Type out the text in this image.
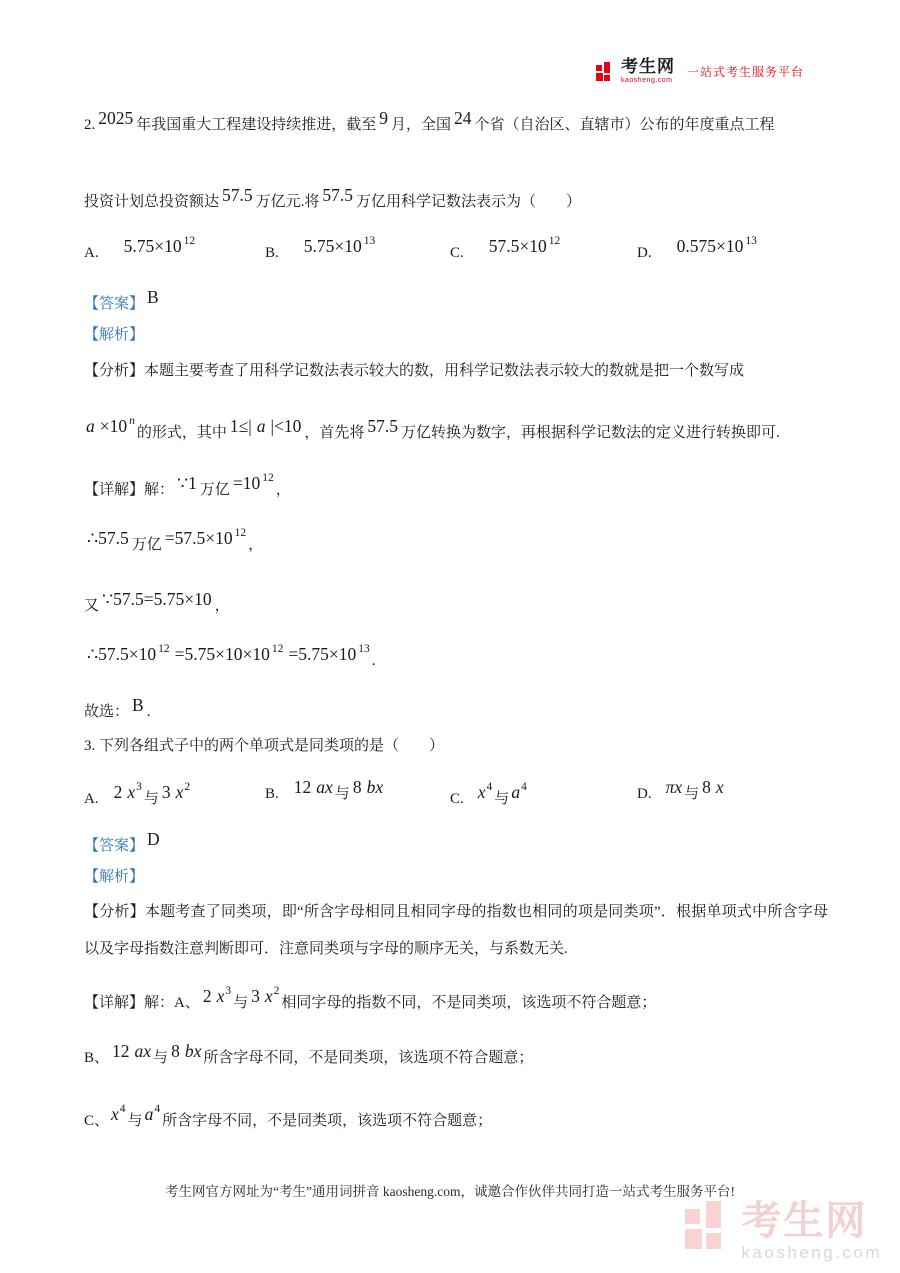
考生网
kaosheng.com
一站式考生服务平台
2. 2025 年我国重大工程建设持续推进，截至 9 月，全国 24 个省（自治区、直辖市）公布的年度重点工程
投资计划总投资额达 57.5 万亿元.将 57.5 万亿用科学记数法表示为（　　）
A. 5.75×10 $^{12}$
B. 5.75×10 $^{13}$
C. 57.5×10 $^{12}$
D. 0.575×10 $^{13}$
【答案】 B
【解析】
【分析】本题主要考查了用科学记数法表示较大的数，用科学记数法表示较大的数就是把一个数写成
a ×10 $^n$的形式，其中 1≤| a |<10 ，首先将 57.5 万亿转换为数字，再根据科学记数法的定义进行转换即可.
【详解】解： ∵1 万亿 =10 $^{12}$，
∴57.5 万亿 =57.5×10 $^{12}$，
又 ∵57.5=5.75×10 ，
∴57.5×10 $^{12}$ =5.75×10×10 $^{12}$ =5.75×10 $^{13}$.
故选： B .
3. 下列各组式子中的两个单项式是同类项的是（　　）
A. 2 $x^3$与 3 $x^2$	B. 12 ax 与 8 bx
C. $x^4$与 $a^4$	D. πx 与 8 x
【答案】 D
【解析】
【分析】本题考查了同类项，即“所含字母相同且相同字母的指数也相同的项是同类项”．根据单项式中所含字母以及字母指数注意判断即可．注意同类项与字母的顺序无关，与系数无关.
【详解】解：A、 2 $x^3$与 3 $x^2$相同字母的指数不同，不是同类项，该选项不符合题意；
B、 12 ax 与 8 bx 所含字母不同，不是同类项，该选项不符合题意；
C、 $x^4$与 $a^4$所含字母不同，不是同类项，该选项不符合题意；
考生网官方网址为“考生”通用词拼音 kaosheng.com，诚邀合作伙伴共同打造一站式考生服务平台!
考生网
kaosheng.com
